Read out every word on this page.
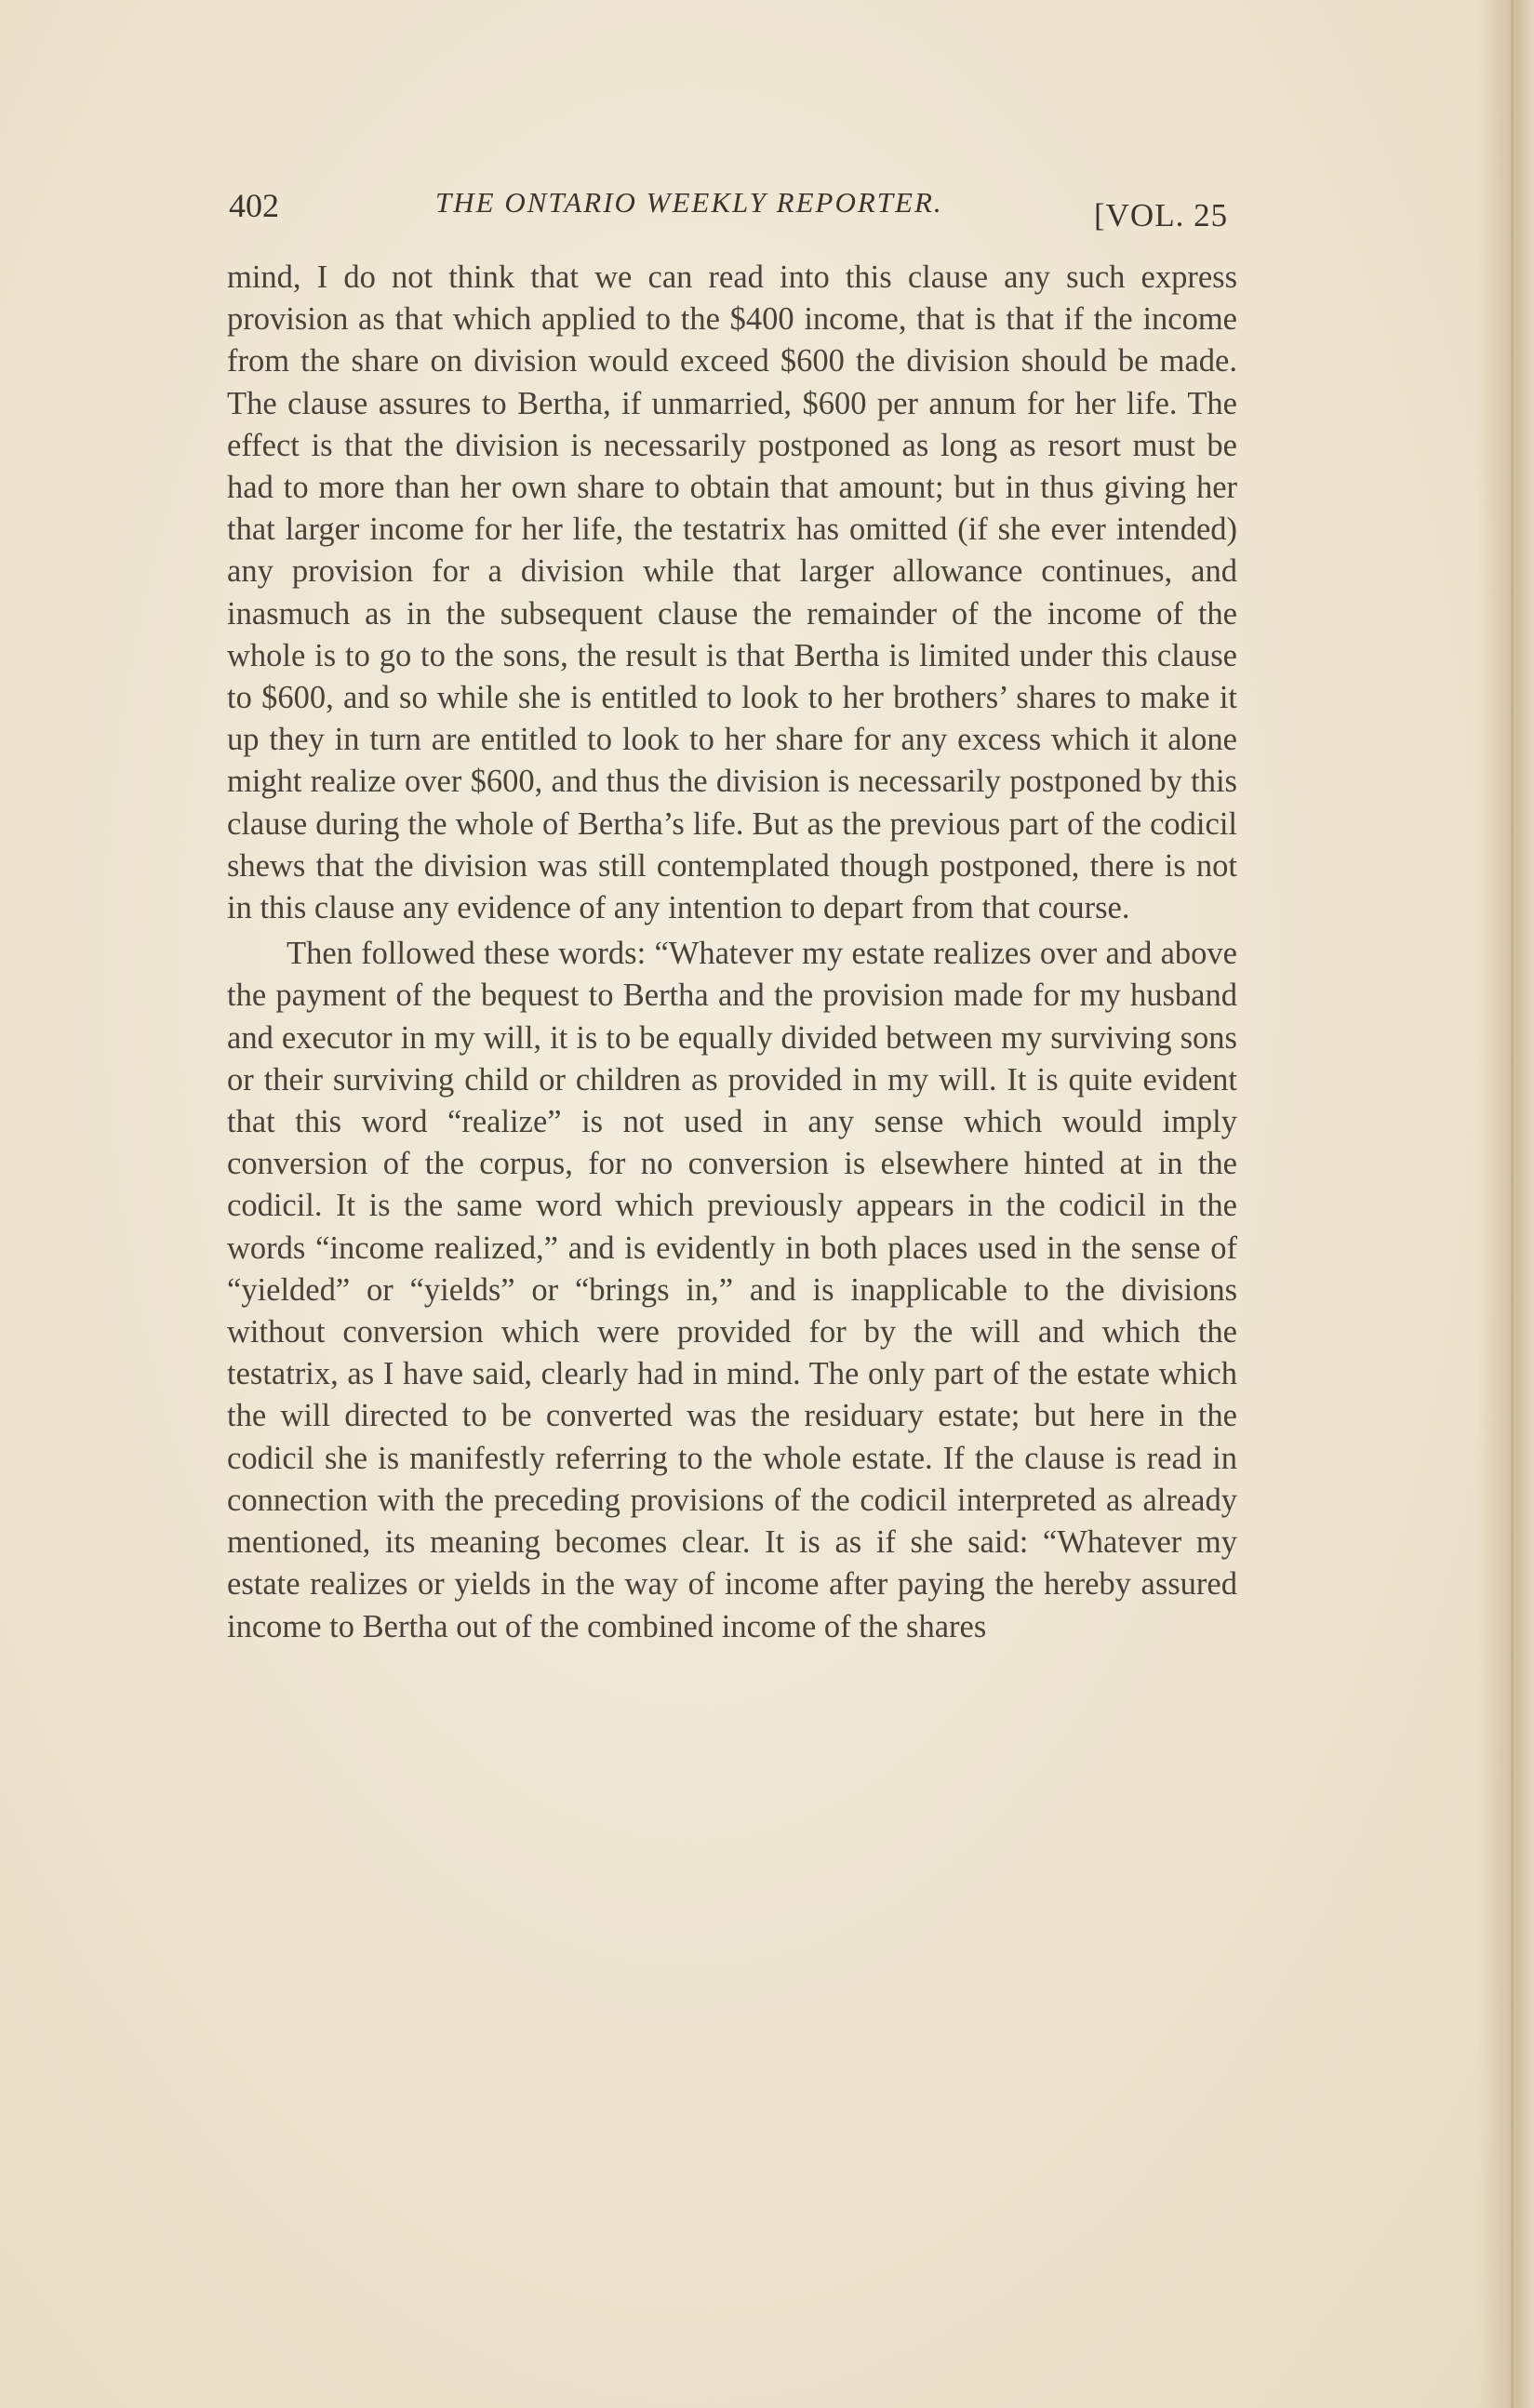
402	THE ONTARIO WEEKLY REPORTER.	[VOL. 25

mind, I do not think that we can read into this clause any such express provision as that which applied to the $400 income, that is that if the income from the share on division would exceed $600 the division should be made. The clause assures to Bertha, if unmarried, $600 per annum for her life. The effect is that the division is necessarily postponed as long as resort must be had to more than her own share to obtain that amount; but in thus giving her that larger income for her life, the testatrix has omitted (if she ever intended) any provision for a division while that larger allowance continues, and inasmuch as in the subsequent clause the remainder of the income of the whole is to go to the sons, the result is that Bertha is limited under this clause to $600, and so while she is entitled to look to her brothers’ shares to make it up they in turn are entitled to look to her share for any excess which it alone might realize over $600, and thus the division is necessarily postponed by this clause during the whole of Bertha’s life. But as the previous part of the codicil shews that the division was still contemplated though postponed, there is not in this clause any evidence of any intention to depart from that course.

Then followed these words: “Whatever my estate realizes over and above the payment of the bequest to Bertha and the provision made for my husband and executor in my will, it is to be equally divided between my surviving sons or their surviving child or children as provided in my will. It is quite evident that this word “realize” is not used in any sense which would imply conversion of the corpus, for no conversion is elsewhere hinted at in the codicil. It is the same word which previously appears in the codicil in the words “income realized,” and is evidently in both places used in the sense of “yielded” or “yields” or “brings in,” and is inapplicable to the divisions without conversion which were provided for by the will and which the testatrix, as I have said, clearly had in mind. The only part of the estate which the will directed to be converted was the residuary estate; but here in the codicil she is manifestly referring to the whole estate. If the clause is read in connection with the preceding provisions of the codicil interpreted as already mentioned, its meaning becomes clear. It is as if she said: “Whatever my estate realizes or yields in the way of income after paying the hereby assured income to Bertha out of the combined income of the shares
